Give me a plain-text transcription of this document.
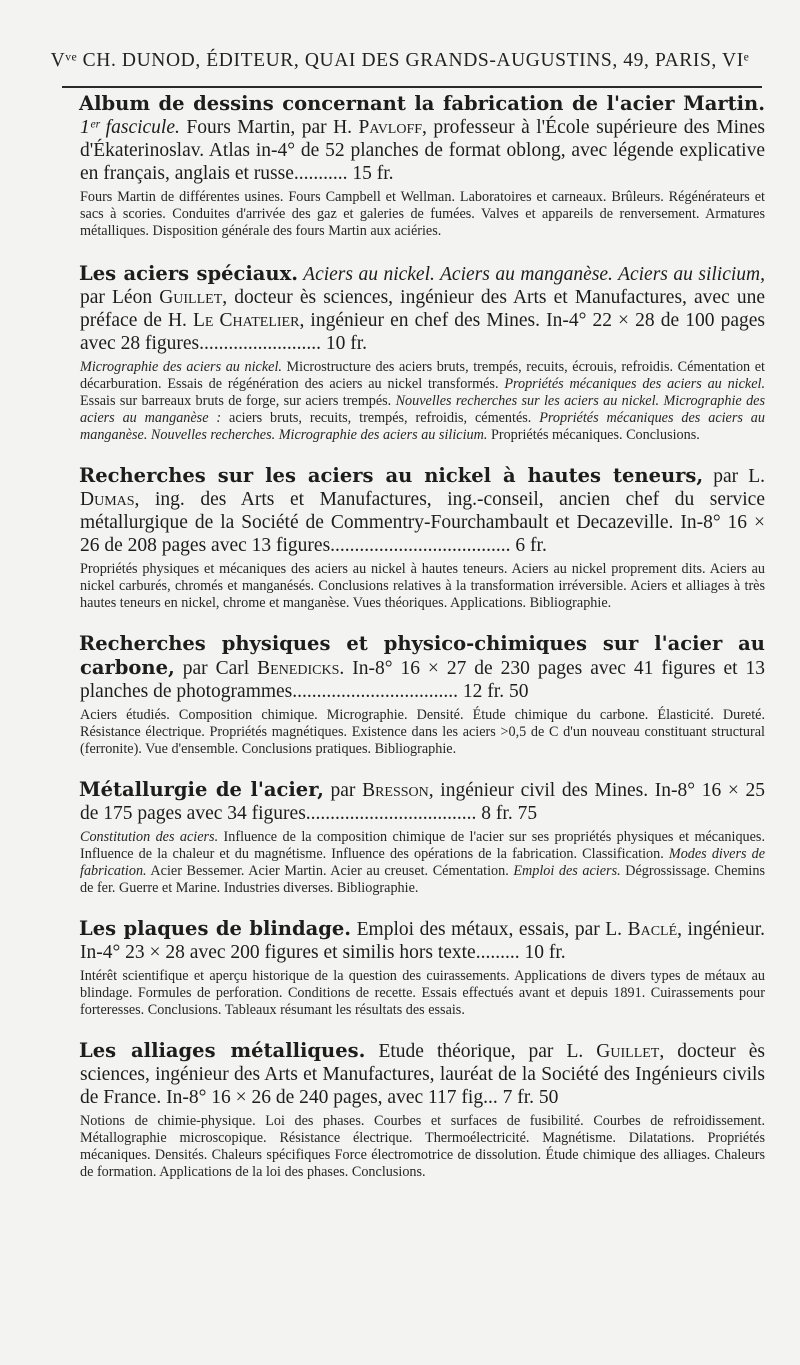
Vᵛᵉ CH. DUNOD, ÉDITEUR, QUAI DES GRANDS-AUGUSTINS, 49, PARIS, VIᵉ
Album de dessins concernant la fabrication de l'acier Martin. 1ᵉʳ fascicule. Fours Martin, par H. Pavloff, professeur à l'École supérieure des Mines d'Ékaterinoslav. Atlas in-4° de 52 planches de format oblong, avec légende explicative en français, anglais et russe........... 15 fr.
Fours Martin de différentes usines. Fours Campbell et Wellman. Laboratoires et carneaux. Brûleurs. Régénérateurs et sacs à scories. Conduites d'arrivée des gaz et galeries de fumées. Valves et appareils de renversement. Armatures métalliques. Disposition générale des fours Martin aux aciéries.
Les aciers spéciaux. Aciers au nickel. Aciers au manganèse. Aciers au silicium, par Léon Guillet, docteur ès sciences, ingénieur des Arts et Manufactures, avec une préface de H. Le Chatelier, ingénieur en chef des Mines. In-4° 22 × 28 de 100 pages avec 28 figures......................... 10 fr.
Micrographie des aciers au nickel. Microstructure des aciers bruts, trempés, recuits, écrouis, refroidis. Cémentation et décarburation. Essais de régénération des aciers au nickel transformés. Propriétés mécaniques des aciers au nickel. Essais sur barreaux bruts de forge, sur aciers trempés. Nouvelles recherches sur les aciers au nickel. Micrographie des aciers au manganèse : aciers bruts, recuits, trempés, refroidis, cémentés. Propriétés mécaniques des aciers au manganèse. Nouvelles recherches. Micrographie des aciers au silicium. Propriétés mécaniques. Conclusions.
Recherches sur les aciers au nickel à hautes teneurs, par L. Dumas, ing. des Arts et Manufactures, ing.-conseil, ancien chef du service métallurgique de la Société de Commentry-Fourchambault et Decazeville. In-8° 16 × 26 de 208 pages avec 13 figures..................................... 6 fr.
Propriétés physiques et mécaniques des aciers au nickel à hautes teneurs. Aciers au nickel proprement dits. Aciers au nickel carburés, chromés et manganésés. Conclusions relatives à la transformation irréversible. Aciers et alliages à très hautes teneurs en nickel, chrome et manganèse. Vues théoriques. Applications. Bibliographie.
Recherches physiques et physico-chimiques sur l'acier au carbone, par Carl Benedicks. In-8° 16 × 27 de 230 pages avec 41 figures et 13 planches de photogrammes.................................. 12 fr. 50
Aciers étudiés. Composition chimique. Micrographie. Densité. Étude chimique du carbone. Élasticité. Dureté. Résistance électrique. Propriétés magnétiques. Existence dans les aciers >0,5 de C d'un nouveau constituant structural (ferronite). Vue d'ensemble. Conclusions pratiques. Bibliographie.
Métallurgie de l'acier, par Bresson, ingénieur civil des Mines. In-8° 16 × 25 de 175 pages avec 34 figures................................... 8 fr. 75
Constitution des aciers. Influence de la composition chimique de l'acier sur ses propriétés physiques et mécaniques. Influence de la chaleur et du magnétisme. Influence des opérations de la fabrication. Classification. Modes divers de fabrication. Acier Bessemer. Acier Martin. Acier au creuset. Cémentation. Emploi des aciers. Dégrossissage. Chemins de fer. Guerre et Marine. Industries diverses. Bibliographie.
Les plaques de blindage. Emploi des métaux, essais, par L. Baclé, ingénieur. In-4° 23 × 28 avec 200 figures et similis hors texte......... 10 fr.
Intérêt scientifique et aperçu historique de la question des cuirassements. Applications de divers types de métaux au blindage. Formules de perforation. Conditions de recette. Essais effectués avant et depuis 1891. Cuirassements pour forteresses. Conclusions. Tableaux résumant les résultats des essais.
Les alliages métalliques. Etude théorique, par L. Guillet, docteur ès sciences, ingénieur des Arts et Manufactures, lauréat de la Société des Ingénieurs civils de France. In-8° 16 × 26 de 240 pages, avec 117 fig... 7 fr. 50
Notions de chimie-physique. Loi des phases. Courbes et surfaces de fusibilité. Courbes de refroidissement. Métallographie microscopique. Résistance électrique. Thermoélectricité. Magnétisme. Dilatations. Propriétés mécaniques. Densités. Chaleurs spécifiques Force électromotrice de dissolution. Étude chimique des alliages. Chaleurs de formation. Applications de la loi des phases. Conclusions.
